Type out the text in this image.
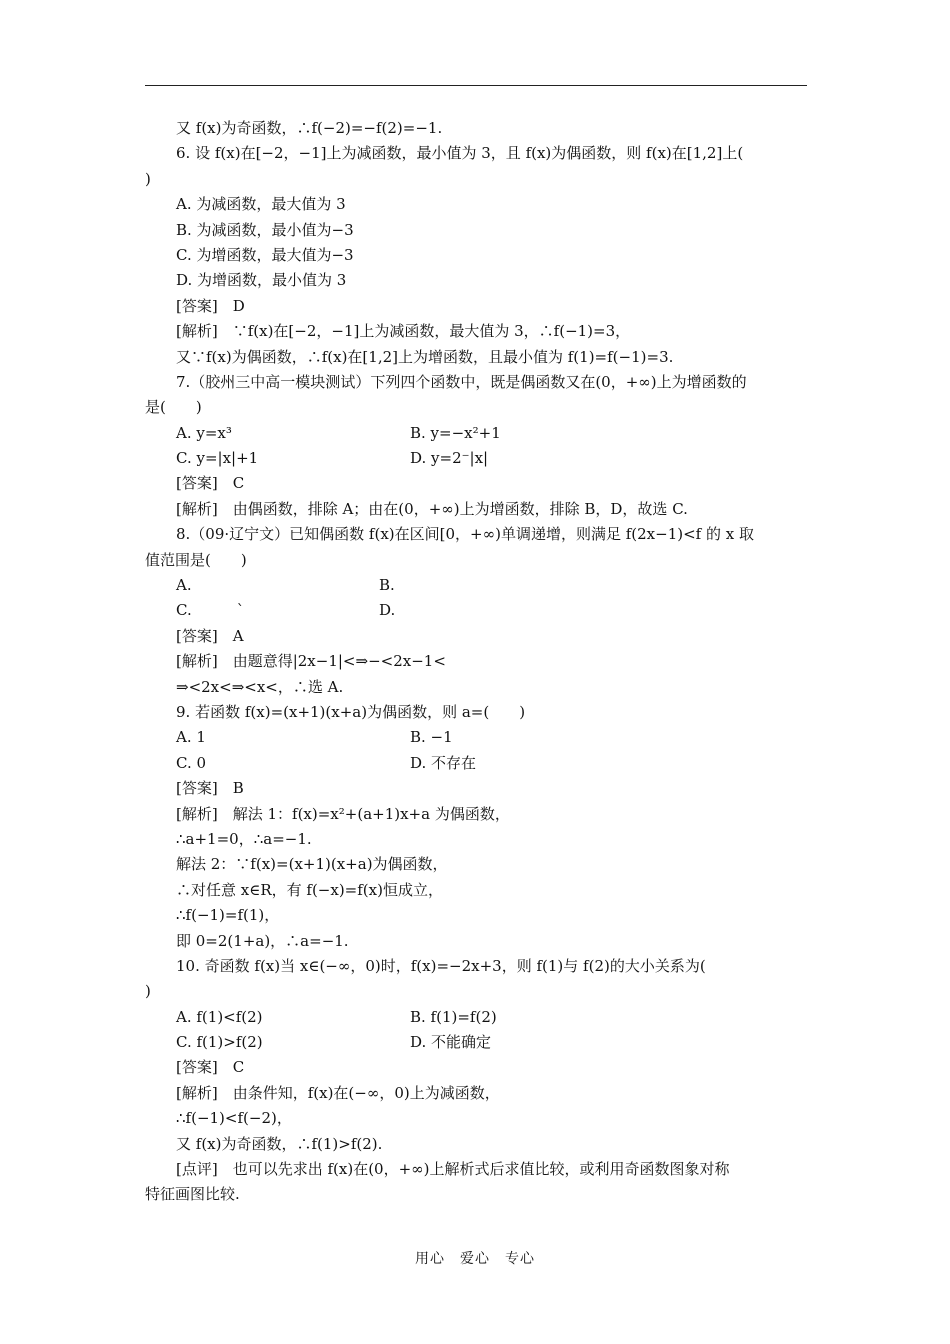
又 f(x)为奇函数，∴f(−2)=−f(2)=−1.
6. 设 f(x)在[−2，−1]上为减函数，最小值为 3，且 f(x)为偶函数，则 f(x)在[1,2]上(
)
A. 为减函数，最大值为 3
B. 为减函数，最小值为−3
C. 为增函数，最大值为−3
D. 为增函数，最小值为 3
[答案]　D
[解析]　∵f(x)在[−2，−1]上为减函数，最大值为 3，∴f(−1)=3，
又∵f(x)为偶函数，∴f(x)在[1,2]上为增函数，且最小值为 f(1)=f(−1)=3.
7.（胶州三中高一模块测试）下列四个函数中，既是偶函数又在(0，+∞)上为增函数的
是(　　)
A. y=x³	B. y=−x²+1
C. y=|x|+1	D. y=2⁻|x|
[答案]　C
[解析]　由偶函数，排除 A；由在(0，+∞)上为增函数，排除 B，D，故选 C.
8.（09·辽宁文）已知偶函数 f(x)在区间[0，+∞)单调递增，则满足 f(2x−1)<f 的 x 取
值范围是(　　)
A.	B.
C.　　　`	D.
[答案]　A
[解析]　由题意得|2x−1|<⇒−<2x−1<
⇒<2x<⇒<x<，∴选 A.
9. 若函数 f(x)=(x+1)(x+a)为偶函数，则 a=(　　)
A. 1	B. −1
C. 0	D. 不存在
[答案]　B
[解析]　解法 1：f(x)=x²+(a+1)x+a 为偶函数，
∴a+1=0，∴a=−1.
解法 2：∵f(x)=(x+1)(x+a)为偶函数，
∴对任意 x∈R，有 f(−x)=f(x)恒成立，
∴f(−1)=f(1)，
即 0=2(1+a)，∴a=−1.
10. 奇函数 f(x)当 x∈(−∞，0)时，f(x)=−2x+3，则 f(1)与 f(2)的大小关系为(
)
A. f(1)<f(2)	B. f(1)=f(2)
C. f(1)>f(2)	D. 不能确定
[答案]　C
[解析]　由条件知，f(x)在(−∞，0)上为减函数，
∴f(−1)<f(−2)，
又 f(x)为奇函数，∴f(1)>f(2).
[点评]　也可以先求出 f(x)在(0，+∞)上解析式后求值比较，或利用奇函数图象对称
特征画图比较.
用心　爱心　专心
